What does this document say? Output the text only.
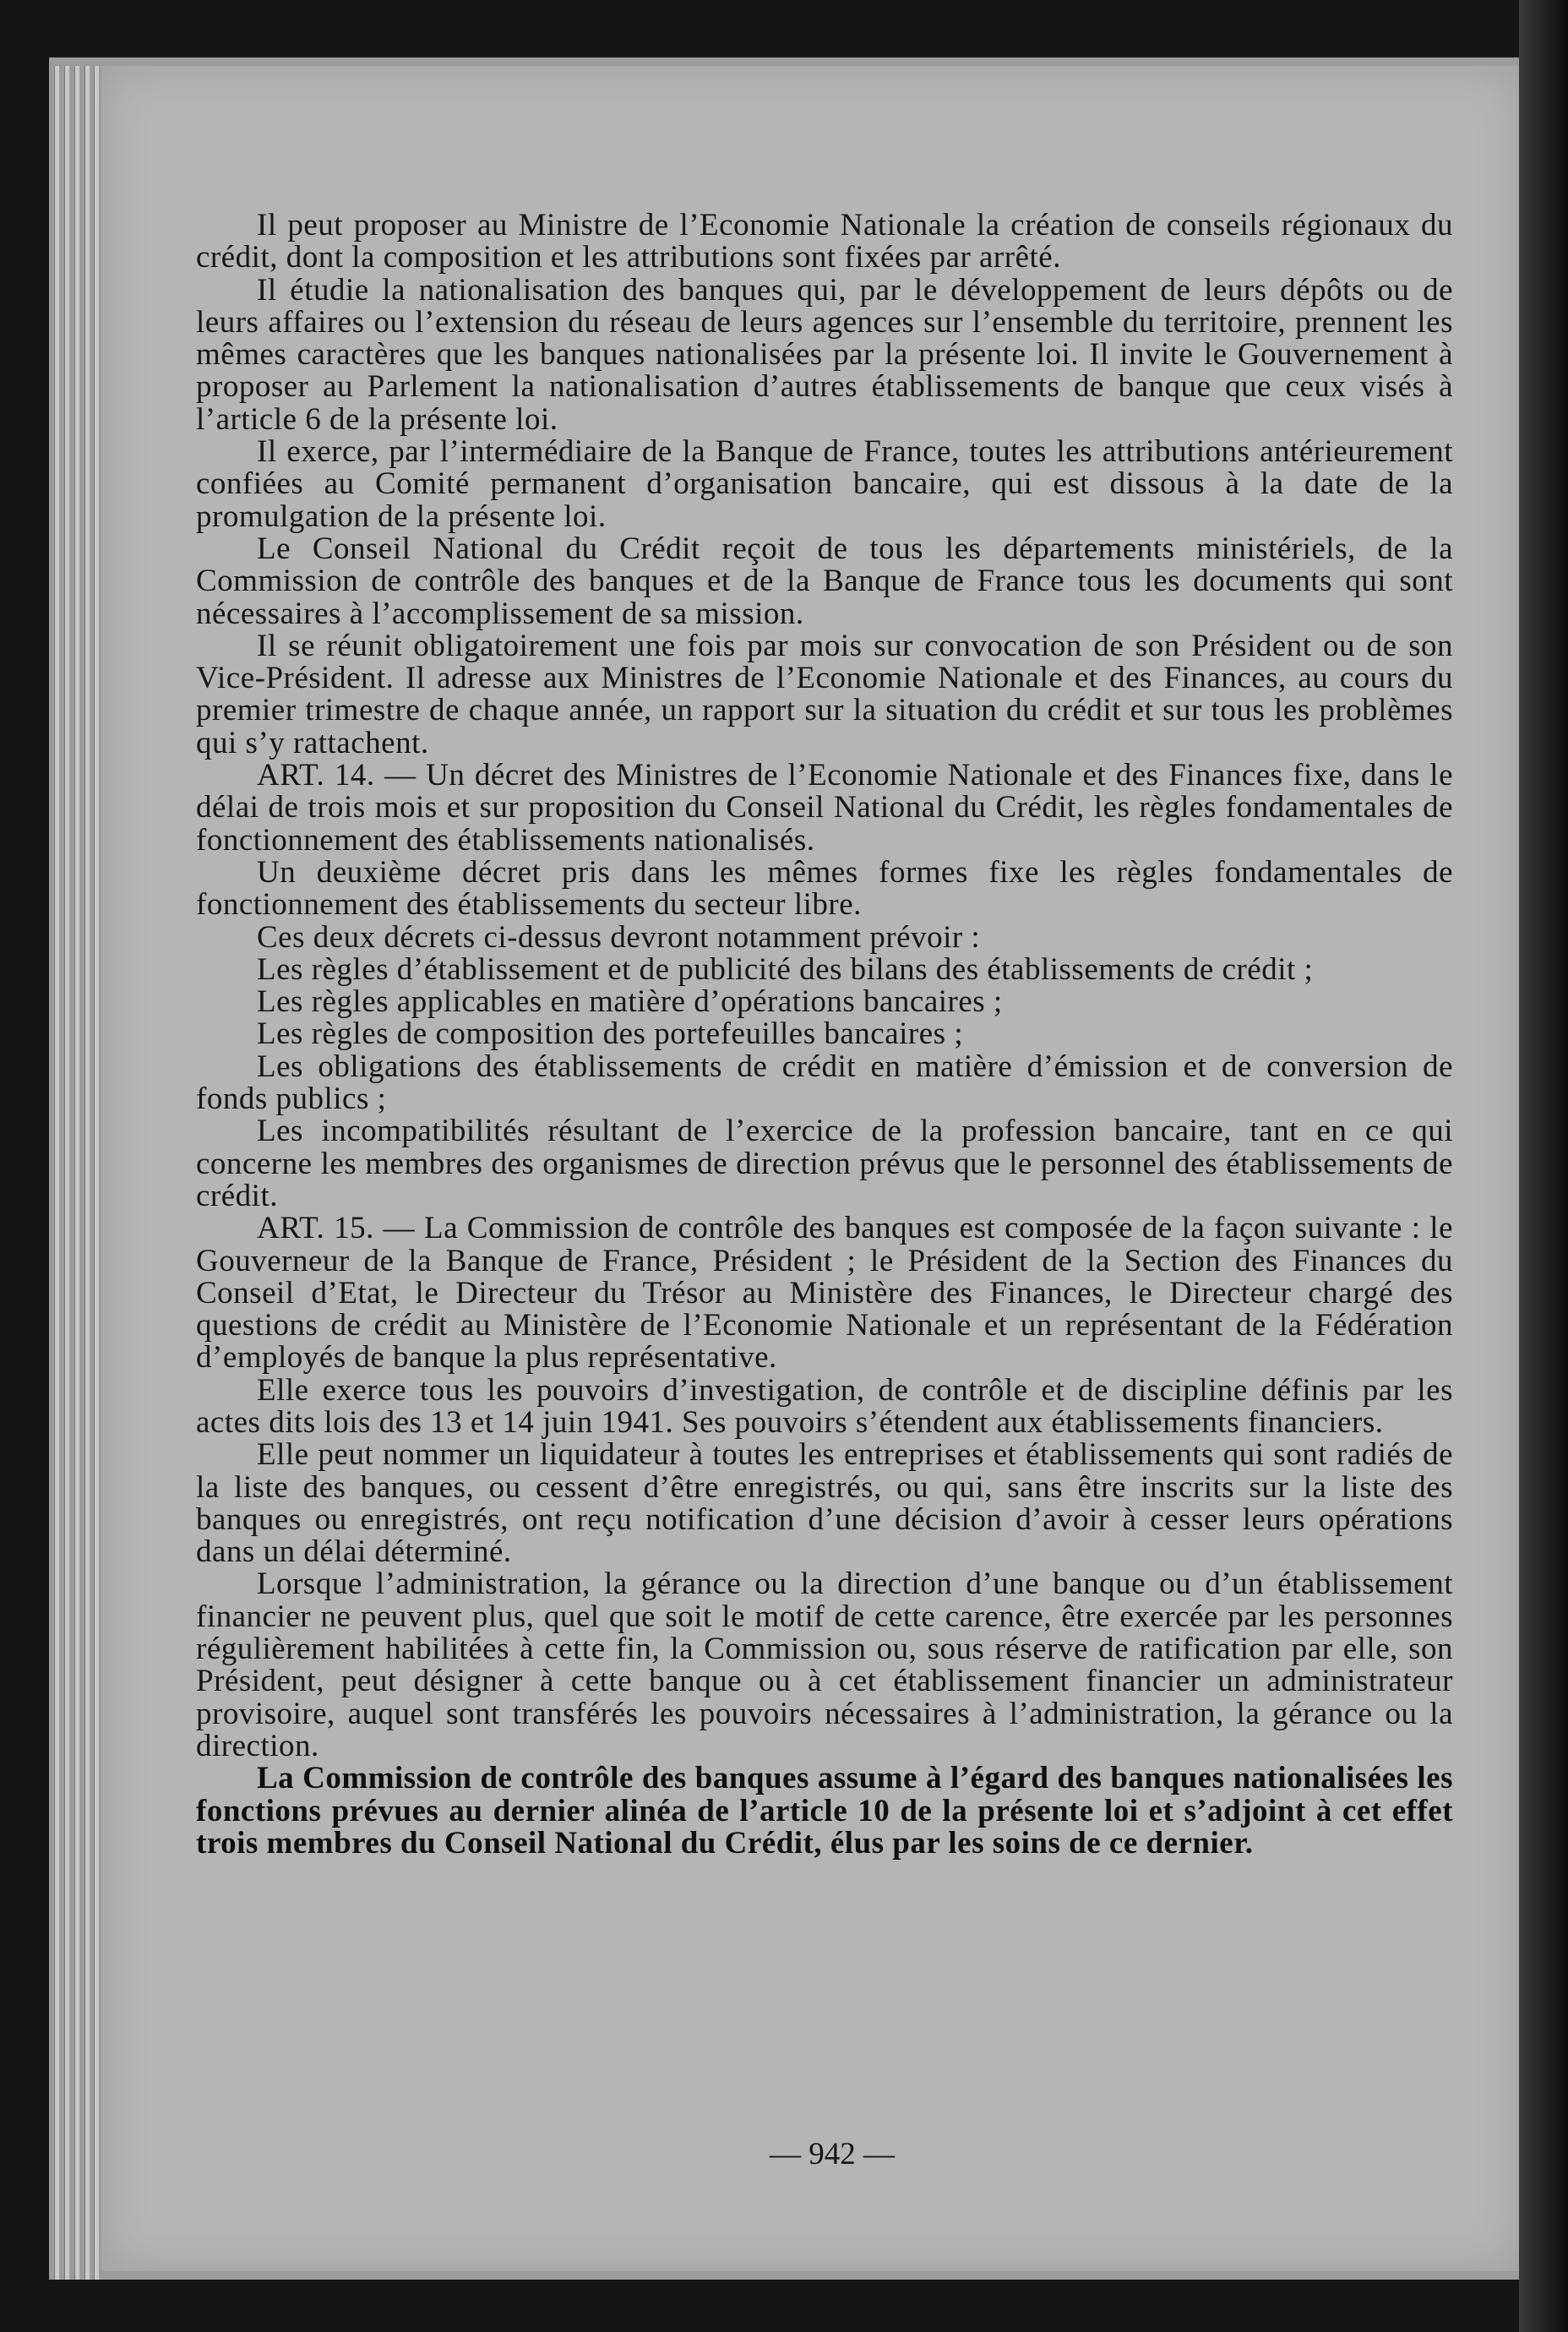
Il peut proposer au Ministre de l’Economie Nationale la création de conseils régionaux du crédit, dont la composition et les attributions sont fixées par arrêté.

Il étudie la nationalisation des banques qui, par le développement de leurs dépôts ou de leurs affaires ou l’extension du réseau de leurs agences sur l’ensemble du territoire, prennent les mêmes caractères que les banques nationalisées par la présente loi. Il invite le Gouvernement à proposer au Parlement la nationalisation d’autres établissements de banque que ceux visés à l’article 6 de la présente loi.

Il exerce, par l’intermédiaire de la Banque de France, toutes les attributions antérieurement confiées au Comité permanent d’organisation bancaire, qui est dissous à la date de la promulgation de la présente loi.

Le Conseil National du Crédit reçoit de tous les départements ministériels, de la Commission de contrôle des banques et de la Banque de France tous les documents qui sont nécessaires à l’accomplissement de sa mission.

Il se réunit obligatoirement une fois par mois sur convocation de son Président ou de son Vice-Président. Il adresse aux Ministres de l’Economie Nationale et des Finances, au cours du premier trimestre de chaque année, un rapport sur la situation du crédit et sur tous les problèmes qui s’y rattachent.

ART. 14. — Un décret des Ministres de l’Economie Nationale et des Finances fixe, dans le délai de trois mois et sur proposition du Conseil National du Crédit, les règles fondamentales de fonctionnement des établissements nationalisés.

Un deuxième décret pris dans les mêmes formes fixe les règles fondamentales de fonctionnement des établissements du secteur libre.

Ces deux décrets ci-dessus devront notamment prévoir :

Les règles d’établissement et de publicité des bilans des établissements de crédit ;

Les règles applicables en matière d’opérations bancaires ;

Les règles de composition des portefeuilles bancaires ;

Les obligations des établissements de crédit en matière d’émission et de conversion de fonds publics ;

Les incompatibilités résultant de l’exercice de la profession bancaire, tant en ce qui concerne les membres des organismes de direction prévus que le personnel des établissements de crédit.

ART. 15. — La Commission de contrôle des banques est composée de la façon suivante : le Gouverneur de la Banque de France, Président ; le Président de la Section des Finances du Conseil d’Etat, le Directeur du Trésor au Ministère des Finances, le Directeur chargé des questions de crédit au Ministère de l’Economie Nationale et un représentant de la Fédération d’employés de banque la plus représentative.

Elle exerce tous les pouvoirs d’investigation, de contrôle et de discipline définis par les actes dits lois des 13 et 14 juin 1941. Ses pouvoirs s’étendent aux établissements financiers.

Elle peut nommer un liquidateur à toutes les entreprises et établissements qui sont radiés de la liste des banques, ou cessent d’être enregistrés, ou qui, sans être inscrits sur la liste des banques ou enregistrés, ont reçu notification d’une décision d’avoir à cesser leurs opérations dans un délai déterminé.

Lorsque l’administration, la gérance ou la direction d’une banque ou d’un établissement financier ne peuvent plus, quel que soit le motif de cette carence, être exercée par les personnes régulièrement habilitées à cette fin, la Commission ou, sous réserve de ratification par elle, son Président, peut désigner à cette banque ou à cet établissement financier un administrateur provisoire, auquel sont transférés les pouvoirs nécessaires à l’administration, la gérance ou la direction.

La Commission de contrôle des banques assume à l’égard des banques nationalisées les fonctions prévues au dernier alinéa de l’article 10 de la présente loi et s’adjoint à cet effet trois membres du Conseil National du Crédit, élus par les soins de ce dernier.

— 942 —
